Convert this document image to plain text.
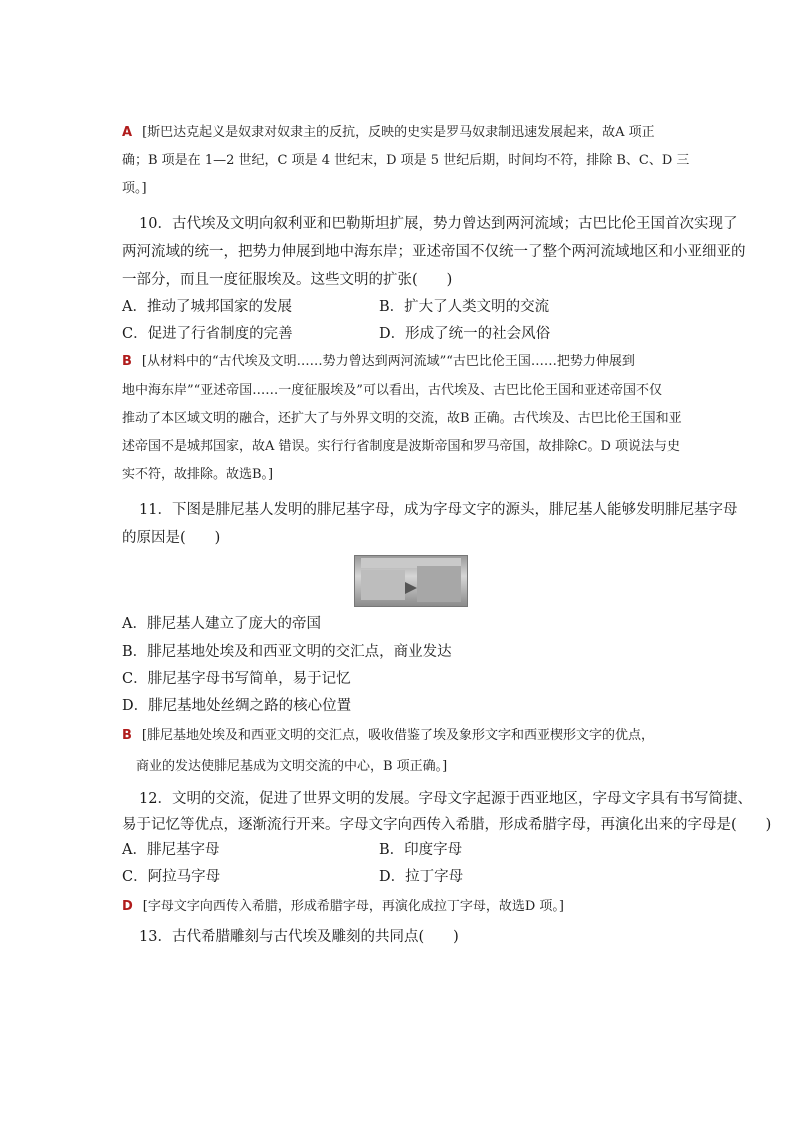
A [斯巴达克起义是奴隶对奴隶主的反抗，反映的史实是罗马奴隶制迅速发展起来，故A 项正
确；B 项是在 1—2 世纪，C 项是 4 世纪末，D 项是 5 世纪后期，时间均不符，排除 B、C、D 三
项。]
10．古代埃及文明向叙利亚和巴勒斯坦扩展，势力曾达到两河流域；古巴比伦王国首次实现了
两河流域的统一，把势力伸展到地中海东岸；亚述帝国不仅统一了整个两河流域地区和小亚细亚的
一部分，而且一度征服埃及。这些文明的扩张(　　)
A．推动了城邦国家的发展	B．扩大了人类文明的交流
C．促进了行省制度的完善	D．形成了统一的社会风俗
B [从材料中的“古代埃及文明……势力曾达到两河流域”“古巴比伦王国……把势力伸展到
地中海东岸”“亚述帝国……一度征服埃及”可以看出，古代埃及、古巴比伦王国和亚述帝国不仅
推动了本区域文明的融合，还扩大了与外界文明的交流，故B 正确。古代埃及、古巴比伦王国和亚
述帝国不是城邦国家，故A 错误。实行行省制度是波斯帝国和罗马帝国，故排除C。D 项说法与史
实不符，故排除。故选B。]
11．下图是腓尼基人发明的腓尼基字母，成为字母文字的源头，腓尼基人能够发明腓尼基字母
的原因是(　　)
A．腓尼基人建立了庞大的帝国
B．腓尼基地处埃及和西亚文明的交汇点，商业发达
C．腓尼基字母书写简单，易于记忆
D．腓尼基地处丝绸之路的核心位置
B [腓尼基地处埃及和西亚文明的交汇点，吸收借鉴了埃及象形文字和西亚楔形文字的优点，
商业的发达使腓尼基成为文明交流的中心，B 项正确。]
12．文明的交流，促进了世界文明的发展。字母文字起源于西亚地区，字母文字具有书写简捷、
易于记忆等优点，逐渐流行开来。字母文字向西传入希腊，形成希腊字母，再演化出来的字母是(　　)
A．腓尼基字母	B．印度字母
C．阿拉马字母	D．拉丁字母
D [字母文字向西传入希腊，形成希腊字母，再演化成拉丁字母，故选D 项。]
13．古代希腊雕刻与古代埃及雕刻的共同点(　　)
